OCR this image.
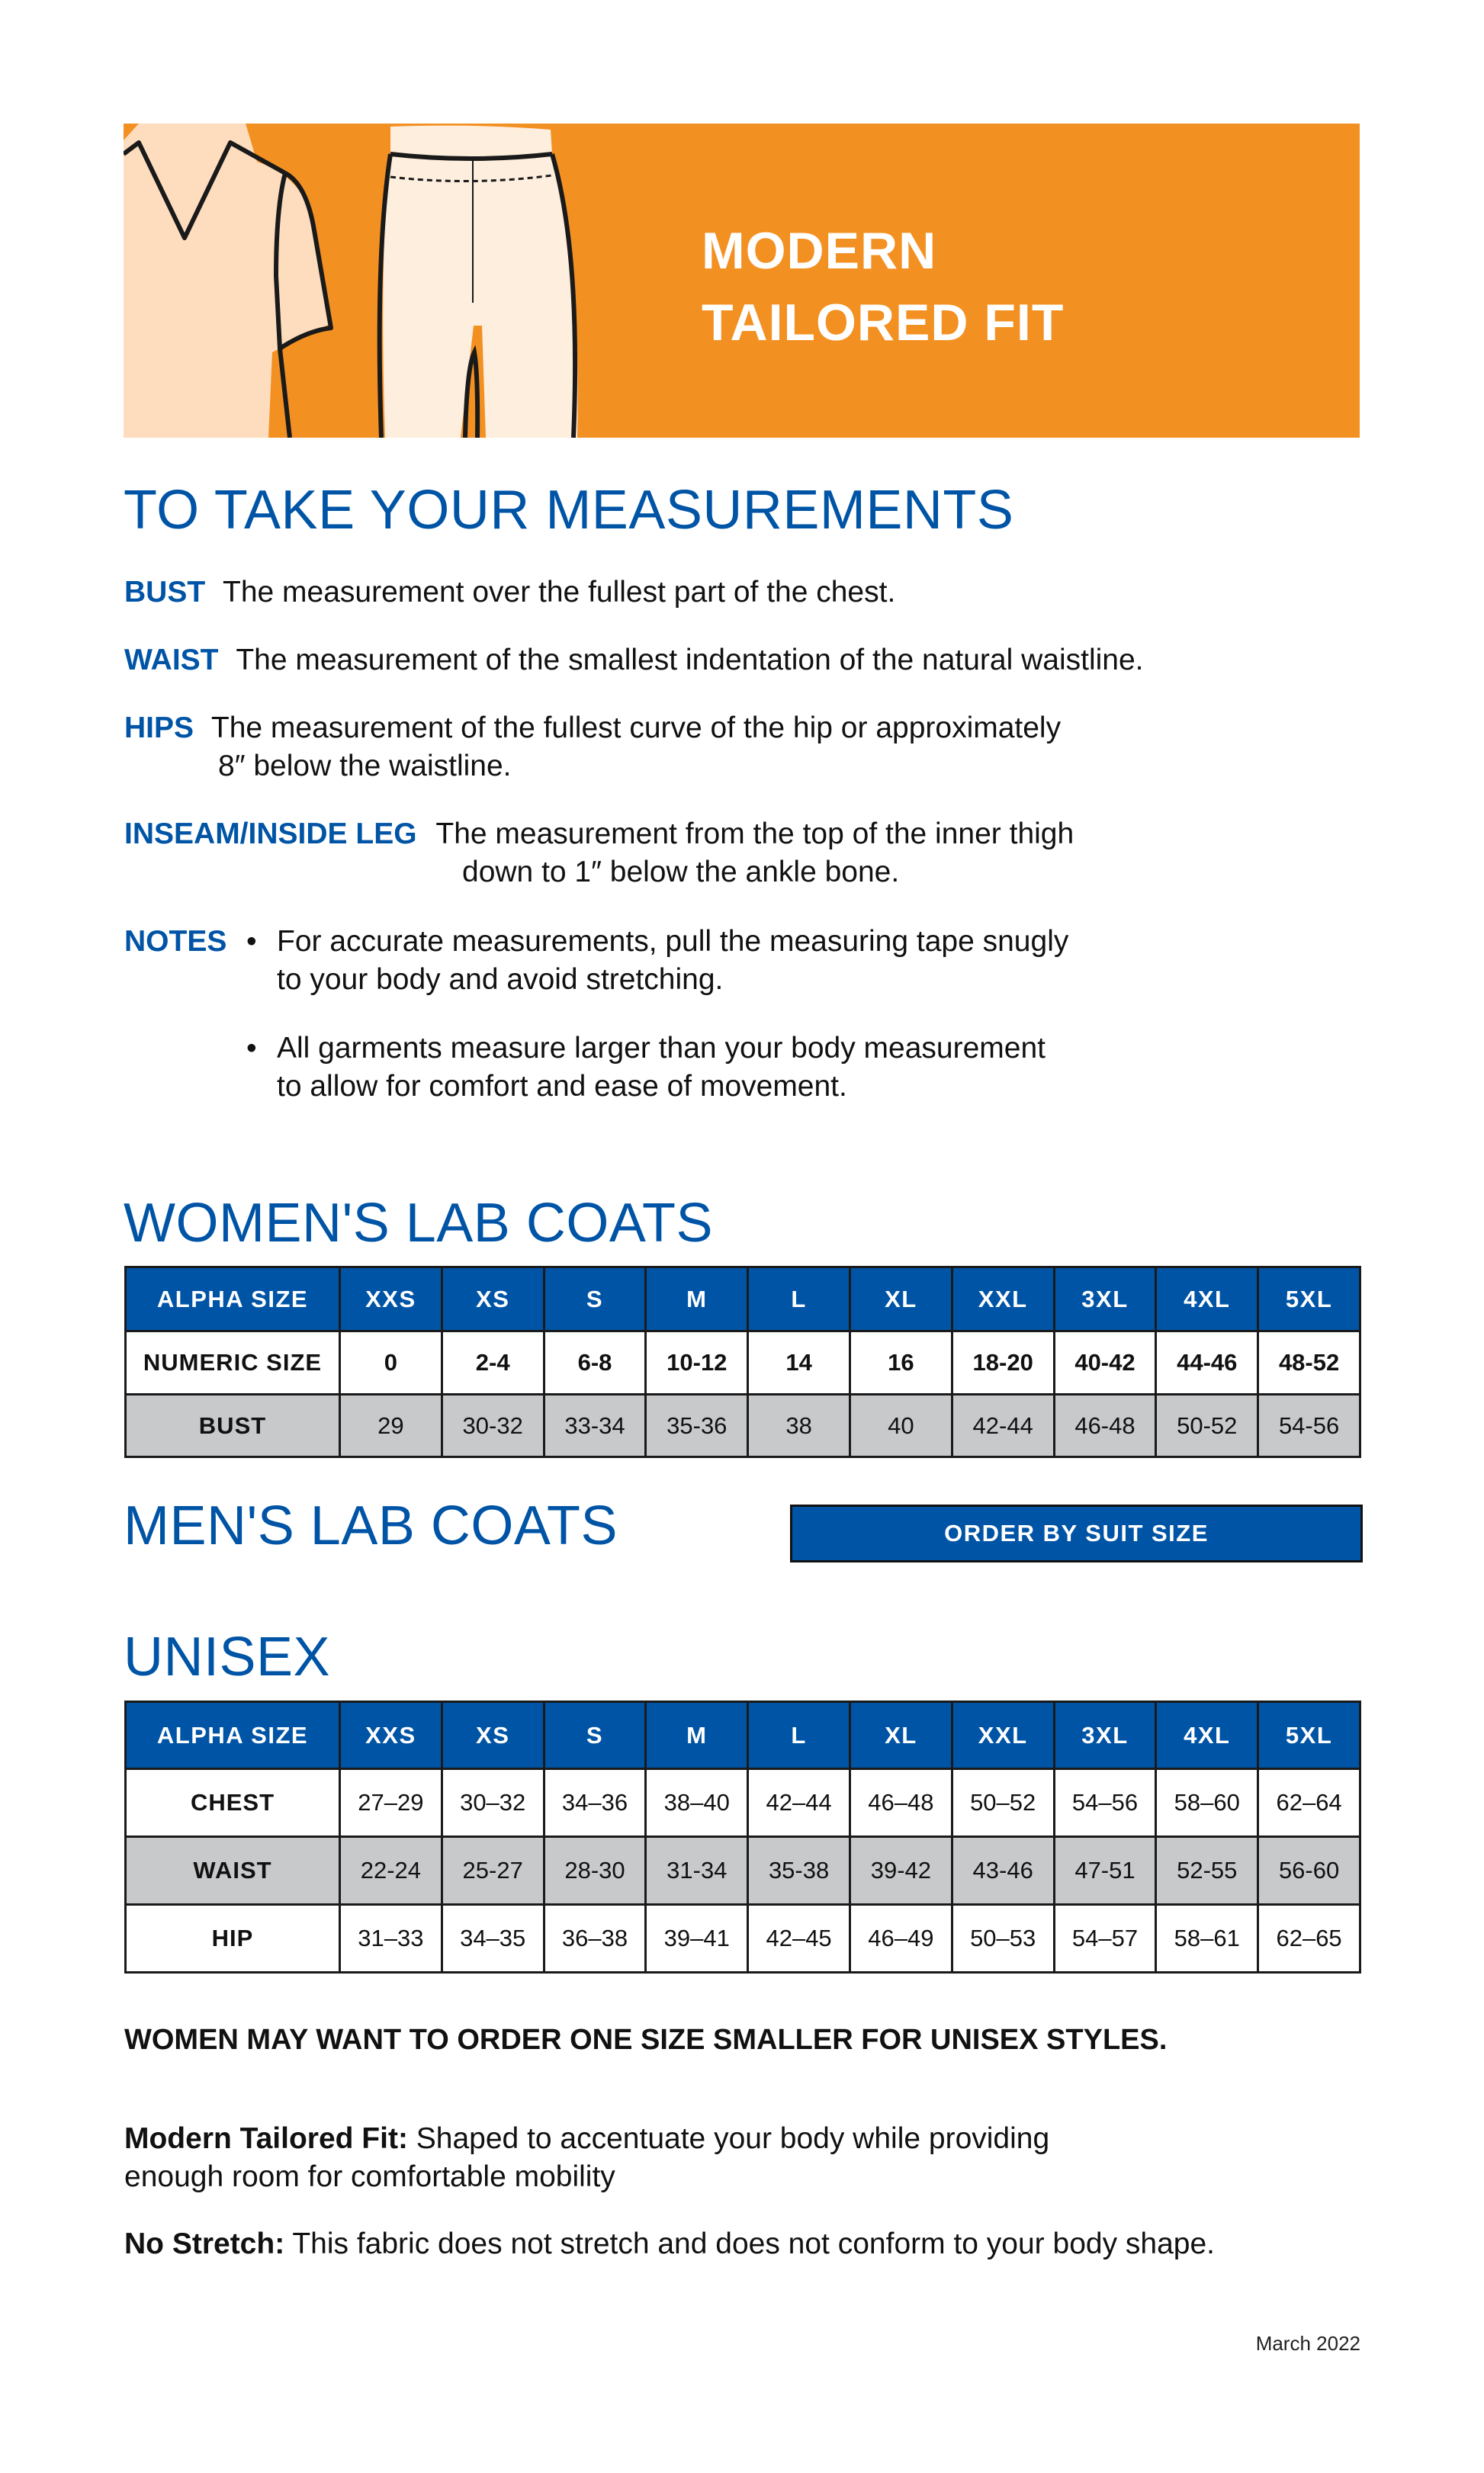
MODERN
TAILORED FIT
TO TAKE YOUR MEASUREMENTS
BUST The measurement over the fullest part of the chest.
WAIST The measurement of the smallest indentation of the natural waistline.
HIPS The measurement of the fullest curve of the hip or approximately
8″ below the waistline.
INSEAM/INSIDE LEG The measurement from the top of the inner thigh
down to 1″ below the ankle bone.
NOTES • For accurate measurements, pull the measuring tape snugly
to your body and avoid stretching.
• All garments measure larger than your body measurement
to allow for comfort and ease of movement.
WOMEN'S LAB COATS
ALPHA SIZE	XXS	XS	S	M	L	XL	XXL	3XL	4XL	5XL
NUMERIC SIZE	0	2-4	6-8	10-12	14	16	18-20	40-42	44-46	48-52
BUST	29	30-32	33-34	35-36	38	40	42-44	46-48	50-52	54-56
MEN'S LAB COATS	ORDER BY SUIT SIZE
UNISEX
ALPHA SIZE	XXS	XS	S	M	L	XL	XXL	3XL	4XL	5XL
CHEST	27–29	30–32	34–36	38–40	42–44	46–48	50–52	54–56	58–60	62–64
WAIST	22-24	25-27	28-30	31-34	35-38	39-42	43-46	47-51	52-55	56-60
HIP	31–33	34–35	36–38	39–41	42–45	46–49	50–53	54–57	58–61	62–65
WOMEN MAY WANT TO ORDER ONE SIZE SMALLER FOR UNISEX STYLES.
Modern Tailored Fit: Shaped to accentuate your body while providing
enough room for comfortable mobility
No Stretch: This fabric does not stretch and does not conform to your body shape.
March 2022
